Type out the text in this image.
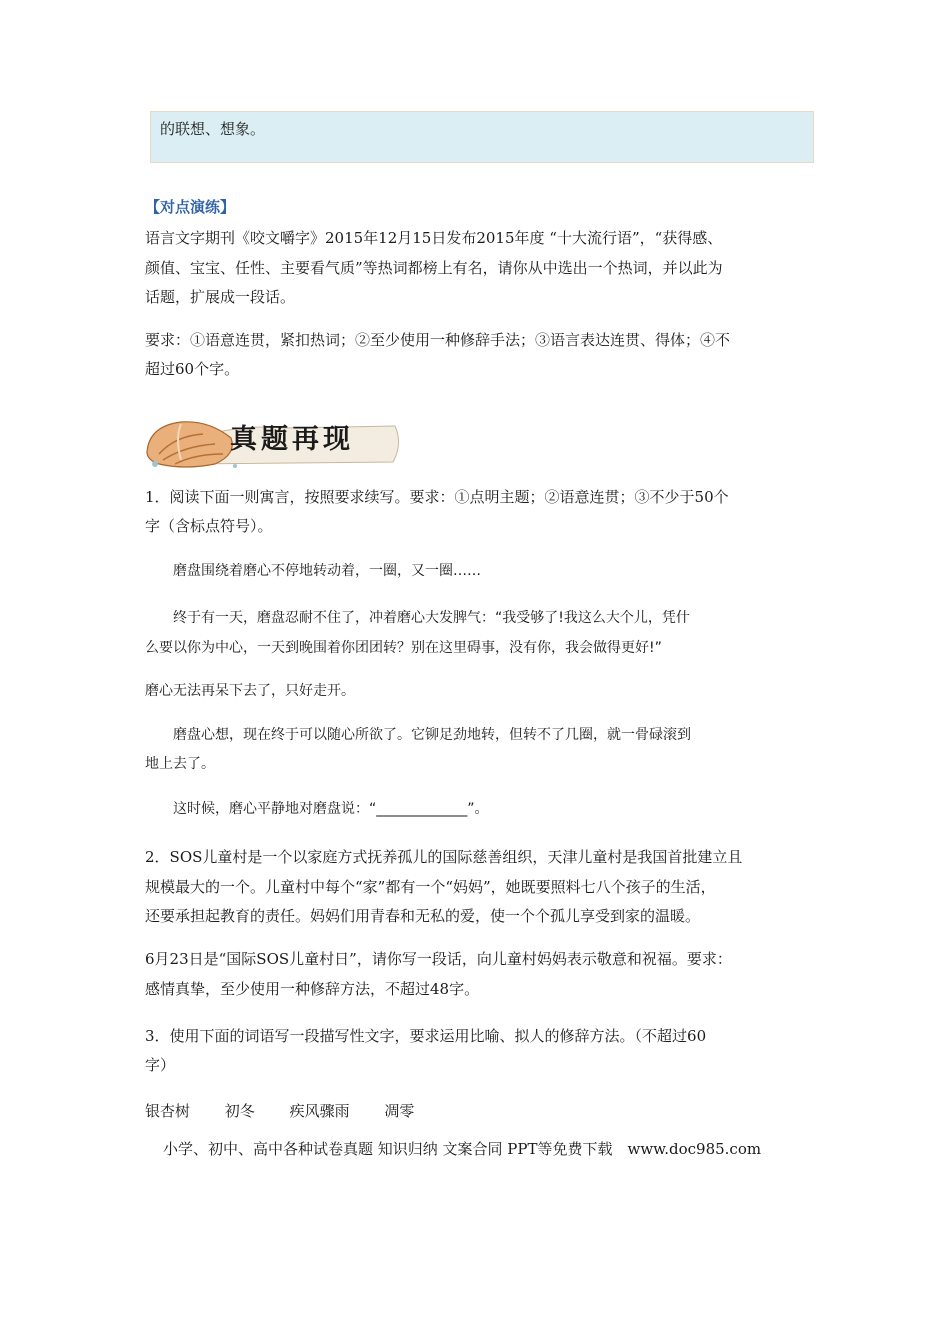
的联想、想象。
【对点演练】

语言文字期刊《咬文嚼字》2015年12月15日发布2015年度 “十大流行语”，“获得感、

颜值、宝宝、任性、主要看气质”等热词都榜上有名，请你从中选出一个热词，并以此为

话题，扩展成一段话。

要求：①语意连贯，紧扣热词；②至少使用一种修辞手法；③语言表达连贯、得体；④不

超过60个字。

真题再现

1．阅读下面一则寓言，按照要求续写。要求：①点明主题；②语意连贯；③不少于50个

字（含标点符号）。

磨盘围绕着磨心不停地转动着，一圈，又一圈……

终于有一天，磨盘忍耐不住了，冲着磨心大发脾气：“我受够了!我这么大个儿，凭什

么要以你为中心，一天到晚围着你团团转？别在这里碍事，没有你，我会做得更好!”

磨心无法再呆下去了，只好走开。

磨盘心想，现在终于可以随心所欲了。它铆足劲地转，但转不了几圈，就一骨碌滚到

地上去了。

这时候，磨心平静地对磨盘说：“_____________”。

2．SOS儿童村是一个以家庭方式抚养孤儿的国际慈善组织，天津儿童村是我国首批建立且

规模最大的一个。儿童村中每个“家”都有一个“妈妈”，她既要照料七八个孩子的生活，

还要承担起教育的责任。妈妈们用青春和无私的爱，使一个个孤儿享受到家的温暖。

6月23日是“国际SOS儿童村日”，请你写一段话，向儿童村妈妈表示敬意和祝福。要求：

感情真挚，至少使用一种修辞方法，不超过48字。

3．使用下面的词语写一段描写性文字，要求运用比喻、拟人的修辞方法。（不超过60

字）

银杏树 初冬 疾风骤雨 凋零
小学、初中、高中各种试卷真题 知识归纳 文案合同 PPT等免费下载　www.doc985.com
